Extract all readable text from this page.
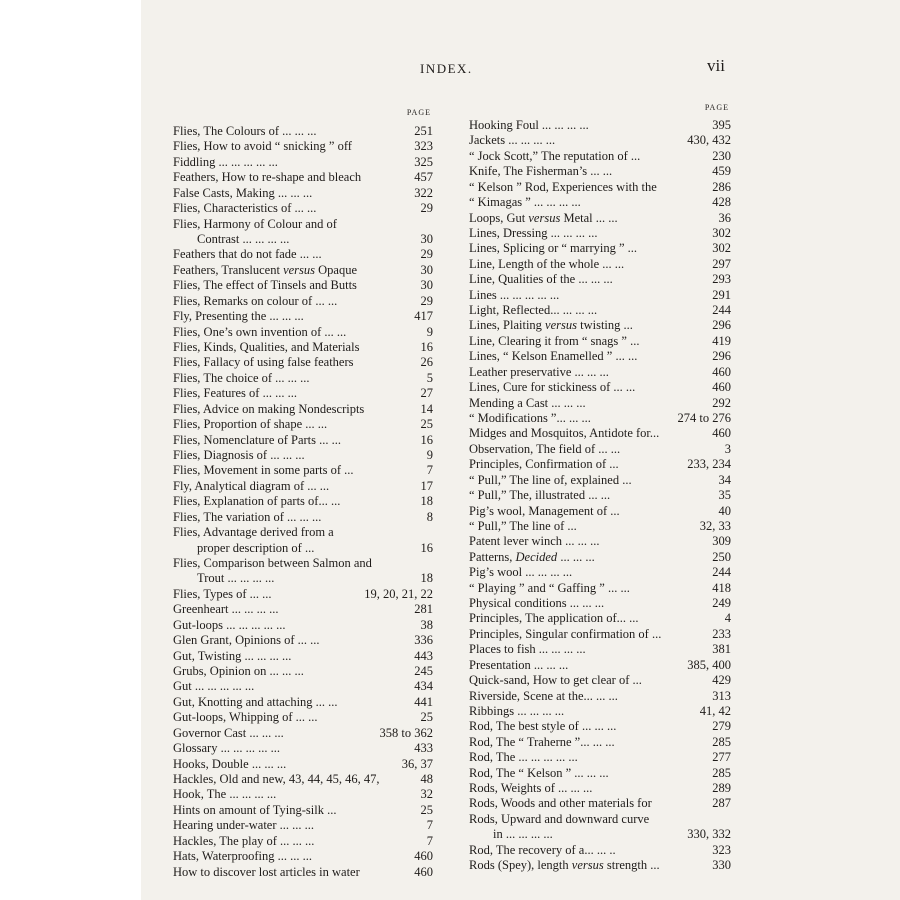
INDEX.	vii
PAGE
Flies, The Colours of ... ... ...	251
Flies, How to avoid “ snicking ” off	323
Fiddling ... ... ... ... ...	325
Feathers, How to re-shape and bleach	457
False Casts, Making ... ... ...	322
Flies, Characteristics of ... ...	29
Flies, Harmony of Colour and of
Contrast ... ... ... ...	30
Feathers that do not fade ... ...	29
Feathers, Translucent versus Opaque	30
Flies, The effect of Tinsels and Butts	30
Flies, Remarks on colour of ... ...	29
Fly, Presenting the ... ... ...	417
Flies, One’s own invention of ... ...	9
Flies, Kinds, Qualities, and Materials	16
Flies, Fallacy of using false feathers	26
Flies, The choice of ... ... ...	5
Flies, Features of ... ... ...	27
Flies, Advice on making Nondescripts	14
Flies, Proportion of shape ... ...	25
Flies, Nomenclature of Parts ... ...	16
Flies, Diagnosis of ... ... ...	9
Flies, Movement in some parts of ...	7
Fly, Analytical diagram of ... ...	17
Flies, Explanation of parts of... ...	18
Flies, The variation of ... ... ...	8
Flies, Advantage derived from a
proper description of ...	16
Flies, Comparison between Salmon and
Trout ... ... ... ...	18
Flies, Types of ... ...	19, 20, 21, 22
Greenheart ... ... ... ...	281
Gut-loops ... ... ... ... ...	38
Glen Grant, Opinions of ... ...	336
Gut, Twisting ... ... ... ...	443
Grubs, Opinion on ... ... ...	245
Gut ... ... ... ... ...	434
Gut, Knotting and attaching ... ...	441
Gut-loops, Whipping of ... ...	25
Governor Cast ... ... ...	358 to 362
Glossary ... ... ... ... ...	433
Hooks, Double ... ... ...	36, 37
Hackles, Old and new, 43, 44, 45, 46, 47,	48
Hook, The ... ... ... ...	32
Hints on amount of Tying-silk ...	25
Hearing under-water ... ... ...	7
Hackles, The play of ... ... ...	7
Hats, Waterproofing ... ... ...	460
How to discover lost articles in water	460
PAGE
Hooking Foul ... ... ... ...	395
Jackets ... ... ... ...	430, 432
“ Jock Scott,” The reputation of ...	230
Knife, The Fisherman’s ... ...	459
“ Kelson ” Rod, Experiences with the	286
“ Kimagas ” ... ... ... ...	428
Loops, Gut versus Metal ... ...	36
Lines, Dressing ... ... ... ...	302
Lines, Splicing or “ marrying ” ...	302
Line, Length of the whole ... ...	297
Line, Qualities of the ... ... ...	293
Lines ... ... ... ... ...	291
Light, Reflected... ... ... ...	244
Lines, Plaiting versus twisting ...	296
Line, Clearing it from “ snags ” ...	419
Lines, “ Kelson Enamelled ” ... ...	296
Leather preservative ... ... ...	460
Lines, Cure for stickiness of ... ...	460
Mending a Cast ... ... ...	292
“ Modifications ”... ... ...	274 to 276
Midges and Mosquitos, Antidote for...	460
Observation, The field of ... ...	3
Principles, Confirmation of ...	233, 234
“ Pull,” The line of, explained ...	34
“ Pull,” The, illustrated ... ...	35
Pig’s wool, Management of ...	40
“ Pull,” The line of ...	32, 33
Patent lever winch ... ... ...	309
Patterns, Decided ... ... ...	250
Pig’s wool ... ... ... ...	244
“ Playing ” and “ Gaffing ” ... ...	418
Physical conditions ... ... ...	249
Principles, The application of... ...	4
Principles, Singular confirmation of ...	233
Places to fish ... ... ... ...	381
Presentation ... ... ...	385, 400
Quick-sand, How to get clear of ...	429
Riverside, Scene at the... ... ...	313
Ribbings ... ... ... ...	41, 42
Rod, The best style of ... ... ...	279
Rod, The “ Traherne ”... ... ...	285
Rod, The ... ... ... ... ...	277
Rod, The “ Kelson ” ... ... ...	285
Rods, Weights of ... ... ...	289
Rods, Woods and other materials for	287
Rods, Upward and downward curve
in ... ... ... ...	330, 332
Rod, The recovery of a... ... ..	323
Rods (Spey), length versus strength ...	330
